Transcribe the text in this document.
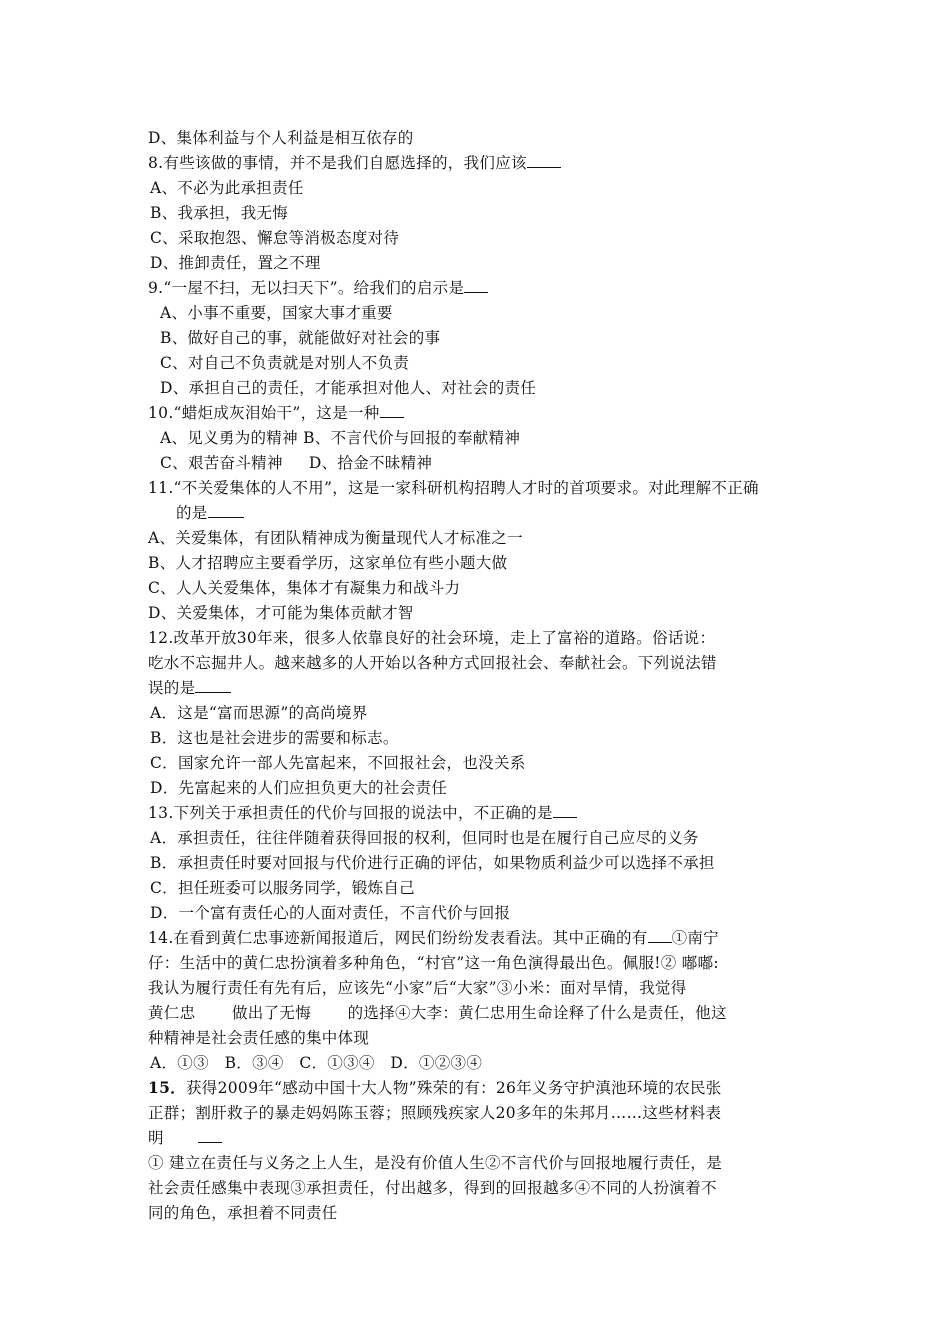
D、集体利益与个人利益是相互依存的
8.有些该做的事情，并不是我们自愿选择的，我们应该
A、不必为此承担责任
B、我承担，我无悔
C、采取抱怨、懈怠等消极态度对待
D、推卸责任，置之不理
9.“一屋不扫，无以扫天下”。给我们的启示是
A、小事不重要，国家大事才重要
B、做好自己的事，就能做好对社会的事
C、对自己不负责就是对别人不负责
D、承担自己的责任，才能承担对他人、对社会的责任
10.“蜡炬成灰泪始干”，这是一种
A、见义勇为的精神 B、不言代价与回报的奉献精神
C、艰苦奋斗精神     D、拾金不昧精神
11.“不关爱集体的人不用”，这是一家科研机构招聘人才时的首项要求。对此理解不正确
的是
A、关爱集体，有团队精神成为衡量现代人才标准之一
B、人才招聘应主要看学历，这家单位有些小题大做
C、人人关爱集体，集体才有凝集力和战斗力
D、关爱集体，才可能为集体贡献才智
12.改革开放30年来，很多人依靠良好的社会环境，走上了富裕的道路。俗话说：
吃水不忘掘井人。越来越多的人开始以各种方式回报社会、奉献社会。下列说法错
误的是
A．这是“富而思源”的高尚境界
B．这也是社会进步的需要和标志。
C．国家允许一部人先富起来，不回报社会，也没关系
D．先富起来的人们应担负更大的社会责任
13.下列关于承担责任的代价与回报的说法中，不正确的是
A．承担责任，往往伴随着获得回报的权利，但同时也是在履行自己应尽的义务
B．承担责任时要对回报与代价进行正确的评估，如果物质利益少可以选择不承担
C．担任班委可以服务同学，锻炼自己
D．一个富有责任心的人面对责任，不言代价与回报
14.在看到黄仁忠事迹新闻报道后，网民们纷纷发表看法。其中正确的有 ①南宁
仔：生活中的黄仁忠扮演着多种角色，“村官”这一角色演得最出色。佩服!② 嘟嘟:
我认为履行责任有先有后，应该先“小家”后“大家”③小米：面对旱情，我觉得
黄仁忠       做出了无悔       的选择④大李：黄仁忠用生命诠释了什么是责任，他这
种精神是社会责任感的集中体现
A．①③   B．③④   C．①③④   D．①②③④
15．获得2009年“感动中国十大人物”殊荣的有：26年义务守护滇池环境的农民张
正群；割肝救子的暴走妈妈陈玉蓉；照顾残疾家人20多年的朱邦月……这些材料表
明
① 建立在责任与义务之上人生，是没有价值人生②不言代价与回报地履行责任，是
社会责任感集中表现③承担责任，付出越多，得到的回报越多④不同的人扮演着不
同的角色，承担着不同责任
